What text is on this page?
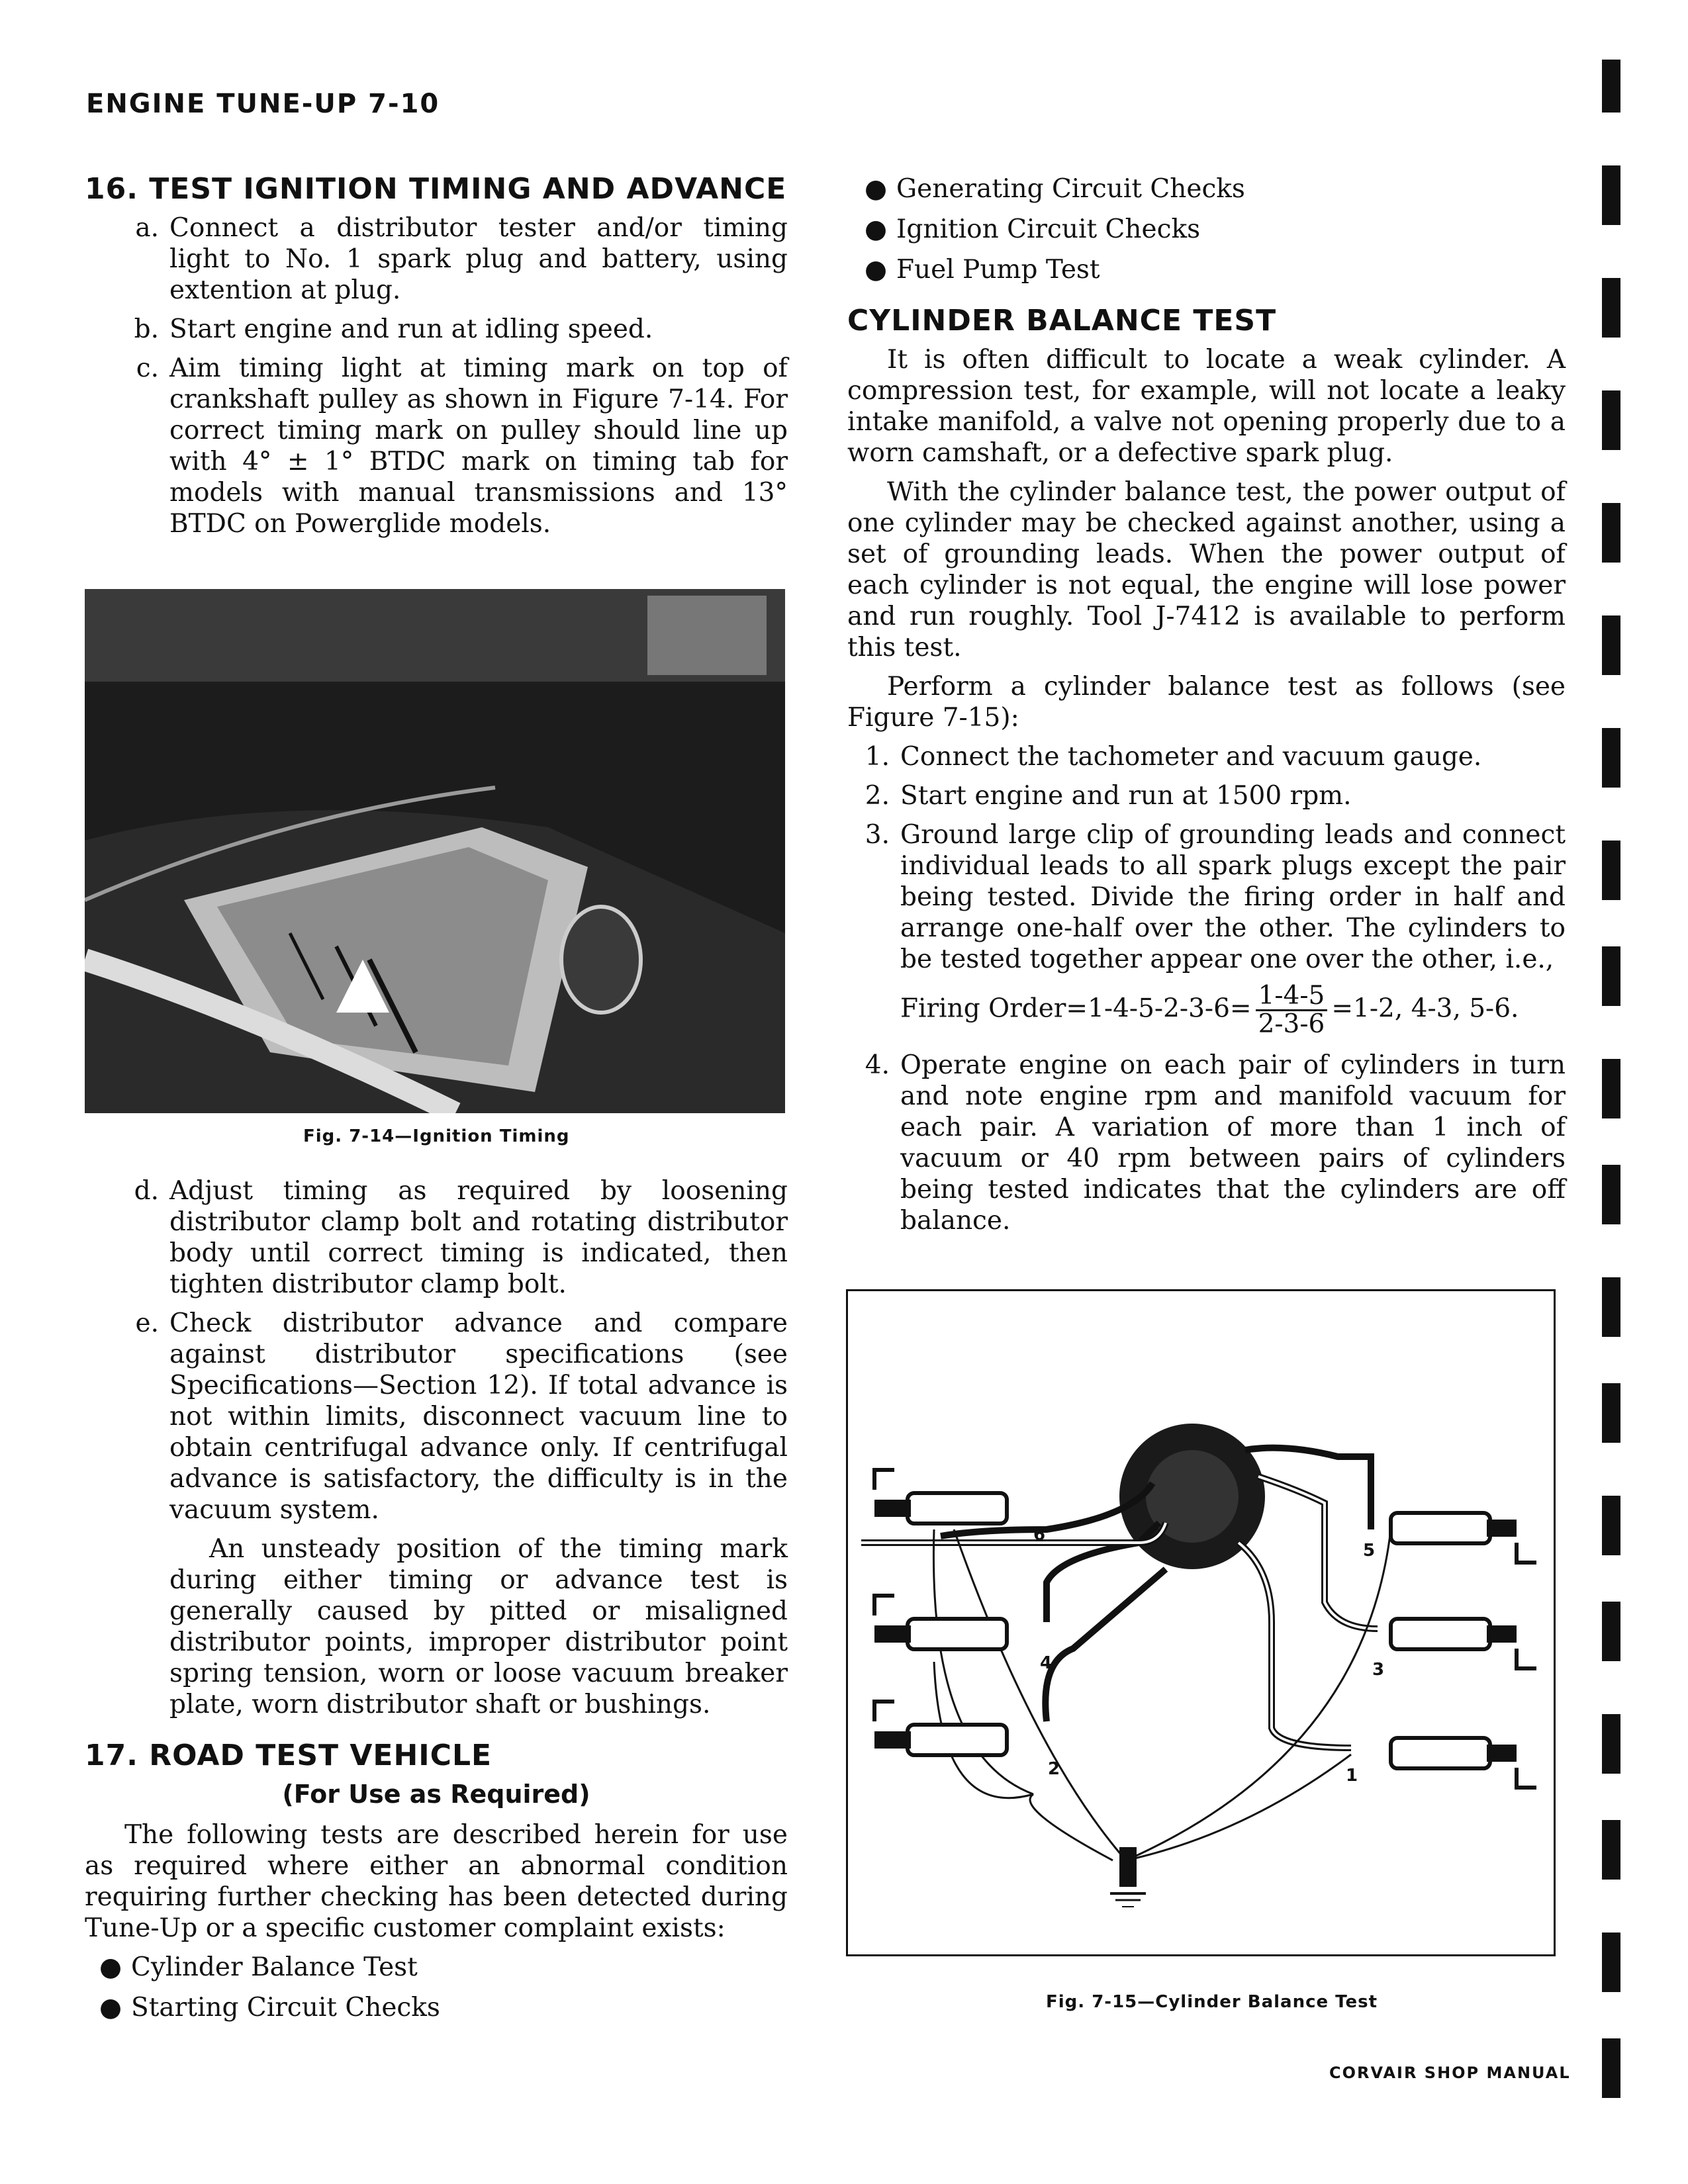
ENGINE TUNE-UP 7-10
16. TEST IGNITION TIMING AND ADVANCE
a. Connect a distributor tester and/or timing light to No. 1 spark plug and battery, using extention at plug.
b. Start engine and run at idling speed.
c. Aim timing light at timing mark on top of crankshaft pulley as shown in Figure 7-14. For correct timing mark on pulley should line up with 4° ± 1° BTDC mark on timing tab for models with manual transmissions and 13° BTDC on Powerglide models.
Fig. 7-14—Ignition Timing
d. Adjust timing as required by loosening distributor clamp bolt and rotating distributor body until correct timing is indicated, then tighten distributor clamp bolt.
e. Check distributor advance and compare against distributor specifications (see Specifications—Section 12). If total advance is not within limits, disconnect vacuum line to obtain centrifugal advance only. If centrifugal advance is satisfactory, the difficulty is in the vacuum system.
An unsteady position of the timing mark during either timing or advance test is generally caused by pitted or misaligned distributor points, improper distributor point spring tension, worn or loose vacuum breaker plate, worn distributor shaft or bushings.
17. ROAD TEST VEHICLE
(For Use as Required)
The following tests are described herein for use as required where either an abnormal condition requiring further checking has been detected during Tune-Up or a specific customer complaint exists:
● Cylinder Balance Test
● Starting Circuit Checks
● Generating Circuit Checks
● Ignition Circuit Checks
● Fuel Pump Test
CYLINDER BALANCE TEST
It is often difficult to locate a weak cylinder. A compression test, for example, will not locate a leaky intake manifold, a valve not opening properly due to a worn camshaft, or a defective spark plug.
With the cylinder balance test, the power output of one cylinder may be checked against another, using a set of grounding leads. When the power output of each cylinder is not equal, the engine will lose power and run roughly. Tool J-7412 is available to perform this test.
Perform a cylinder balance test as follows (see Figure 7-15):
1. Connect the tachometer and vacuum gauge.
2. Start engine and run at 1500 rpm.
3. Ground large clip of grounding leads and connect individual leads to all spark plugs except the pair being tested. Divide the firing order in half and arrange one-half over the other. The cylinders to be tested together appear one over the other, i.e.,
Firing Order=1-4-5-2-3-6= $\frac{1-4-5}{2-3-6} =1-2$, 4-3, 5-6.
4. Operate engine on each pair of cylinders in turn and note engine rpm and manifold vacuum for each pair. A variation of more than 1 inch of vacuum or 40 rpm between pairs of cylinders being tested indicates that the cylinders are off balance.
6
5
4	3
2	1
Fig. 7-15—Cylinder Balance Test
CORVAIR SHOP MANUAL
